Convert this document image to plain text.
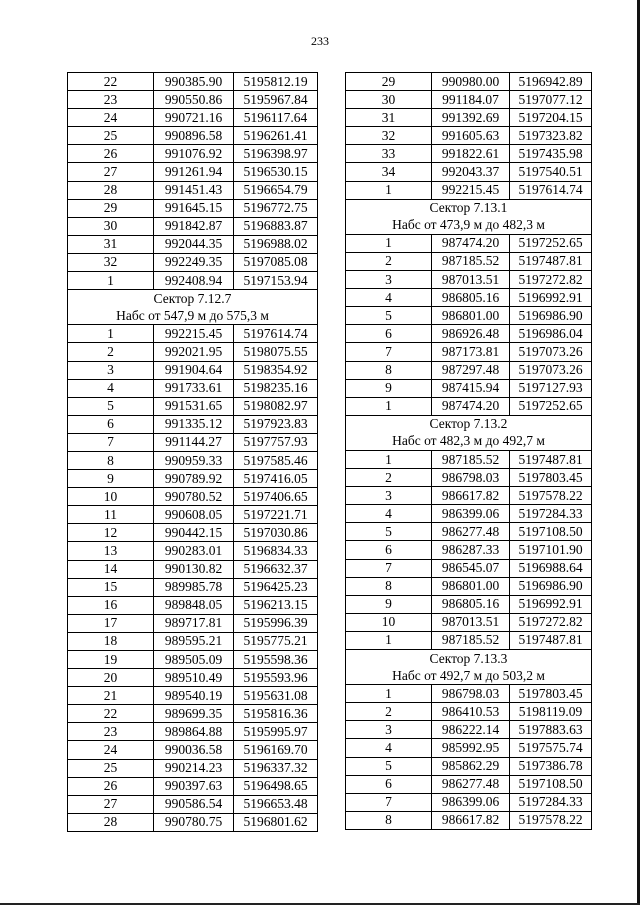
233
22	990385.90	5195812.19
23	990550.86	5195967.84
24	990721.16	5196117.64
25	990896.58	5196261.41
26	991076.92	5196398.97
27	991261.94	5196530.15
28	991451.43	5196654.79
29	991645.15	5196772.75
30	991842.87	5196883.87
31	992044.35	5196988.02
32	992249.35	5197085.08
1	992408.94	5197153.94
Сектор 7.12.7		
Набс от 547,9 м до 575,3 м		
1	992215.45	5197614.74
2	992021.95	5198075.55
3	991904.64	5198354.92
4	991733.61	5198235.16
5	991531.65	5198082.97
6	991335.12	5197923.83
7	991144.27	5197757.93
8	990959.33	5197585.46
9	990789.92	5197416.05
10	990780.52	5197406.65
11	990608.05	5197221.71
12	990442.15	5197030.86
13	990283.01	5196834.33
14	990130.82	5196632.37
15	989985.78	5196425.23
16	989848.05	5196213.15
17	989717.81	5195996.39
18	989595.21	5195775.21
19	989505.09	5195598.36
20	989510.49	5195593.96
21	989540.19	5195631.08
22	989699.35	5195816.36
23	989864.88	5195995.97
24	990036.58	5196169.70
25	990214.23	5196337.32
26	990397.63	5196498.65
27	990586.54	5196653.48
28	990780.75	5196801.62
29	990980.00	5196942.89
30	991184.07	5197077.12
31	991392.69	5197204.15
32	991605.63	5197323.82
33	991822.61	5197435.98
34	992043.37	5197540.51
1	992215.45	5197614.74
Сектор 7.13.1		
Набс от 473,9 м до 482,3 м		
1	987474.20	5197252.65
2	987185.52	5197487.81
3	987013.51	5197272.82
4	986805.16	5196992.91
5	986801.00	5196986.90
6	986926.48	5196986.04
7	987173.81	5197073.26
8	987297.48	5197073.26
9	987415.94	5197127.93
1	987474.20	5197252.65
Сектор 7.13.2		
Набс от 482,3 м до 492,7 м		
1	987185.52	5197487.81
2	986798.03	5197803.45
3	986617.82	5197578.22
4	986399.06	5197284.33
5	986277.48	5197108.50
6	986287.33	5197101.90
7	986545.07	5196988.64
8	986801.00	5196986.90
9	986805.16	5196992.91
10	987013.51	5197272.82
1	987185.52	5197487.81
Сектор 7.13.3		
Набс от 492,7 м до 503,2 м		
1	986798.03	5197803.45
2	986410.53	5198119.09
3	986222.14	5197883.63
4	985992.95	5197575.74
5	985862.29	5197386.78
6	986277.48	5197108.50
7	986399.06	5197284.33
8	986617.82	5197578.22
